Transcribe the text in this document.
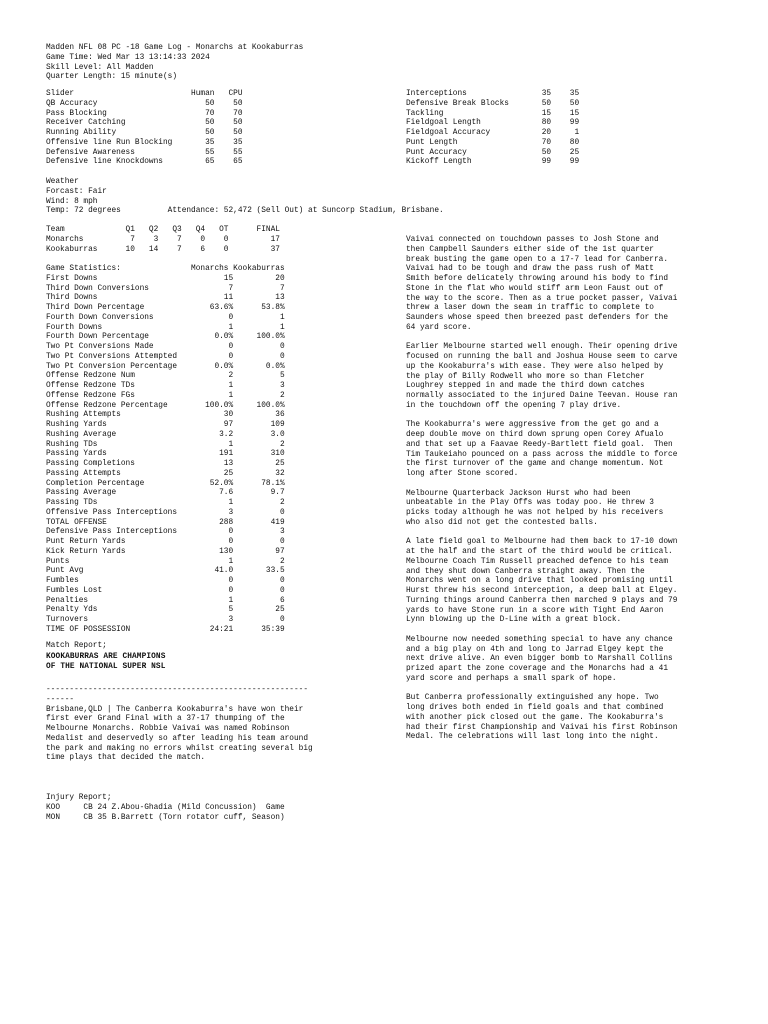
Madden NFL 08 PC -18 Game Log - Monarchs at Kookaburras
Game Time: Wed Mar 13 13:14:33 2024
Skill Level: All Madden
Quarter Length: 15 minute(s)
Slider                         Human   CPU
QB Accuracy                       50    50
Pass Blocking                     70    70
Receiver Catching                 50    50
Running Ability                   50    50
Offensive line Run Blocking       35    35
Defensive Awareness               55    55
Defensive line Knockdowns         65    65
Interceptions                35    35
Defensive Break Blocks       50    50
Tackling                     15    15
Fieldgoal Length             80    99
Fieldgoal Accuracy           20     1
Punt Length                  70    80
Punt Accuracy                50    25
Kickoff Length               99    99
Weather
Forcast: Fair
Wind: 8 mph
Temp: 72 degrees          Attendance: 52,472 (Sell Out) at Suncorp Stadium, Brisbane.
Team             Q1   Q2   Q3   Q4   OT      FINAL
Monarchs          7    3    7    0    0         17
Kookaburras      10   14    7    6    0         37
Game Statistics:               Monarchs Kookaburras
First Downs                           15         20
Third Down Conversions                 7          7
Third Downs                           11         13
Third Down Percentage              63.6%      53.8%
Fourth Down Conversions                0          1
Fourth Downs                           1          1
Fourth Down Percentage              0.0%     100.0%
Two Pt Conversions Made                0          0
Two Pt Conversions Attempted           0          0
Two Pt Conversion Percentage        0.0%       0.0%
Offense Redzone Num                    2          5
Offense Redzone TDs                    1          3
Offense Redzone FGs                    1          2
Offense Redzone Percentage        100.0%     100.0%
Rushing Attempts                      30         36
Rushing Yards                         97        109
Rushing Average                      3.2        3.0
Rushing TDs                            1          2
Passing Yards                        191        310
Passing Completions                   13         25
Passing Attempts                      25         32
Completion Percentage              52.0%      78.1%
Passing Average                      7.6        9.7
Passing TDs                            1          2
Offensive Pass Interceptions           3          0
TOTAL OFFENSE                        288        419
Defensive Pass Interceptions           0          3
Punt Return Yards                      0          0
Kick Return Yards                    130         97
Punts                                  1          2
Punt Avg                            41.0       33.5
Fumbles                                0          0
Fumbles Lost                           0          0
Penalties                              1          6
Penalty Yds                            5         25
Turnovers                              3          0
TIME OF POSSESSION                 24:21      35:39
Match Report;
KOOKABURRAS ARE CHAMPIONS
OF THE NATIONAL SUPER NSL
--------------------------------------------------------
------
Brisbane,QLD | The Canberra Kookaburra's have won their
first ever Grand Final with a 37-17 thumping of the
Melbourne Monarchs. Robbie Vaivai was named Robinson
Medalist and deservedly so after leading his team around
the park and making no errors whilst creating several big
time plays that decided the match.
Injury Report;
KOO     CB 24 Z.Abou-Ghadia (Mild Concussion)  Game
MON     CB 35 B.Barrett (Torn rotator cuff, Season)
Vaivai connected on touchdown passes to Josh Stone and
then Campbell Saunders either side of the 1st quarter
break busting the game open to a 17-7 lead for Canberra.
Vaivai had to be tough and draw the pass rush of Matt
Smith before delicately throwing around his body to find
Stone in the flat who would stiff arm Leon Faust out of
the way to the score. Then as a true pocket passer, Vaivai
threw a laser down the seam in traffic to complete to
Saunders whose speed then breezed past defenders for the
64 yard score.

Earlier Melbourne started well enough. Their opening drive
focused on running the ball and Joshua House seem to carve
up the Kookaburra's with ease. They were also helped by
the play of Billy Rodwell who more so than Fletcher
Loughrey stepped in and made the third down catches
normally associated to the injured Daine Teevan. House ran
in the touchdown off the opening 7 play drive.

The Kookaburra's were aggressive from the get go and a
deep double move on third down sprung open Corey Afualo
and that set up a Faavae Reedy-Bartlett field goal.  Then
Tim Taukeiaho pounced on a pass across the middle to force
the first turnover of the game and change momentum. Not
long after Stone scored.

Melbourne Quarterback Jackson Hurst who had been
unbeatable in the Play Offs was today poo. He threw 3
picks today although he was not helped by his receivers
who also did not get the contested balls.

A late field goal to Melbourne had them back to 17-10 down
at the half and the start of the third would be critical.
Melbourne Coach Tim Russell preached defence to his team
and they shut down Canberra straight away. Then the
Monarchs went on a long drive that looked promising until
Hurst threw his second interception, a deep ball at Elgey.
Turning things around Canberra then marched 9 plays and 79
yards to have Stone run in a score with Tight End Aaron
Lynn blowing up the D-Line with a great block.

Melbourne now needed something special to have any chance
and a big play on 4th and long to Jarrad Elgey kept the
next drive alive. An even bigger bomb to Marshall Collins
prized apart the zone coverage and the Monarchs had a 41
yard score and perhaps a small spark of hope.

But Canberra professionally extinguished any hope. Two
long drives both ended in field goals and that combined
with another pick closed out the game. The Kookaburra's
had their first Championship and Vaivai his first Robinson
Medal. The celebrations will last long into the night.
